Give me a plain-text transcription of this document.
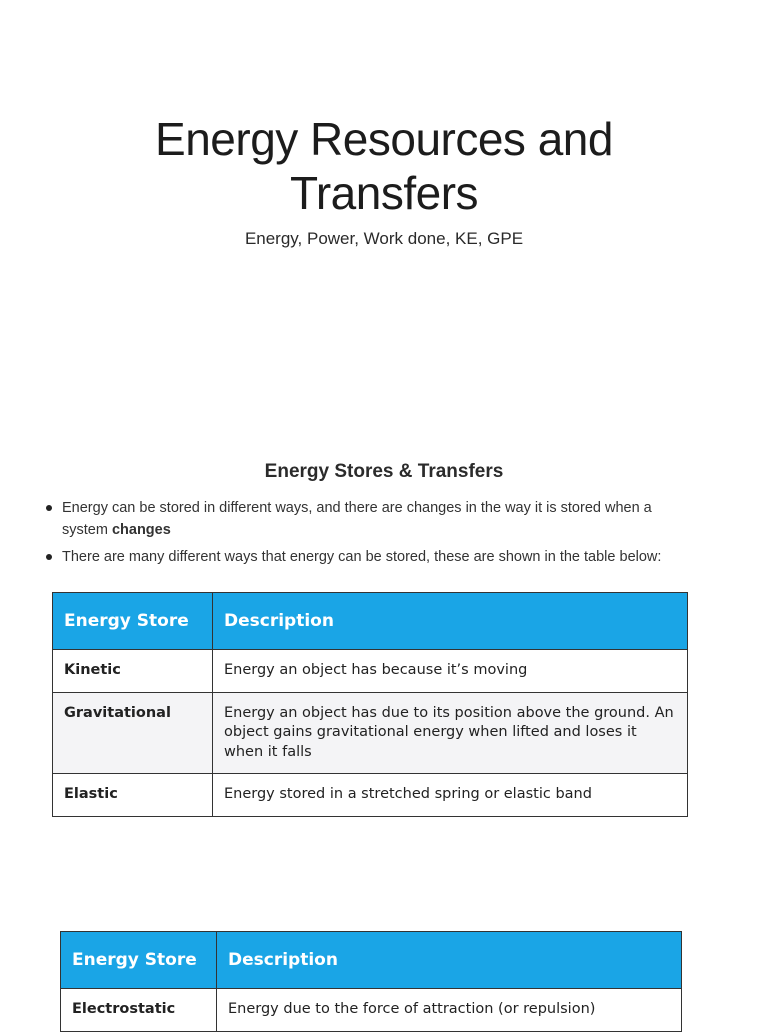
Energy Resources and
Transfers
Energy, Power, Work done, KE, GPE
Energy Stores & Transfers
Energy can be stored in different ways, and there are changes in the way it is stored when a system changes
There are many different ways that energy can be stored, these are shown in the table below:
Energy Store	Description
Kinetic	Energy an object has because it’s moving
Gravitational	Energy an object has due to its position above the ground. An object gains gravitational energy when lifted and loses it when it falls
Elastic	Energy stored in a stretched spring or elastic band
Energy Store	Description
Electrostatic	Energy due to the force of attraction (or repulsion)
